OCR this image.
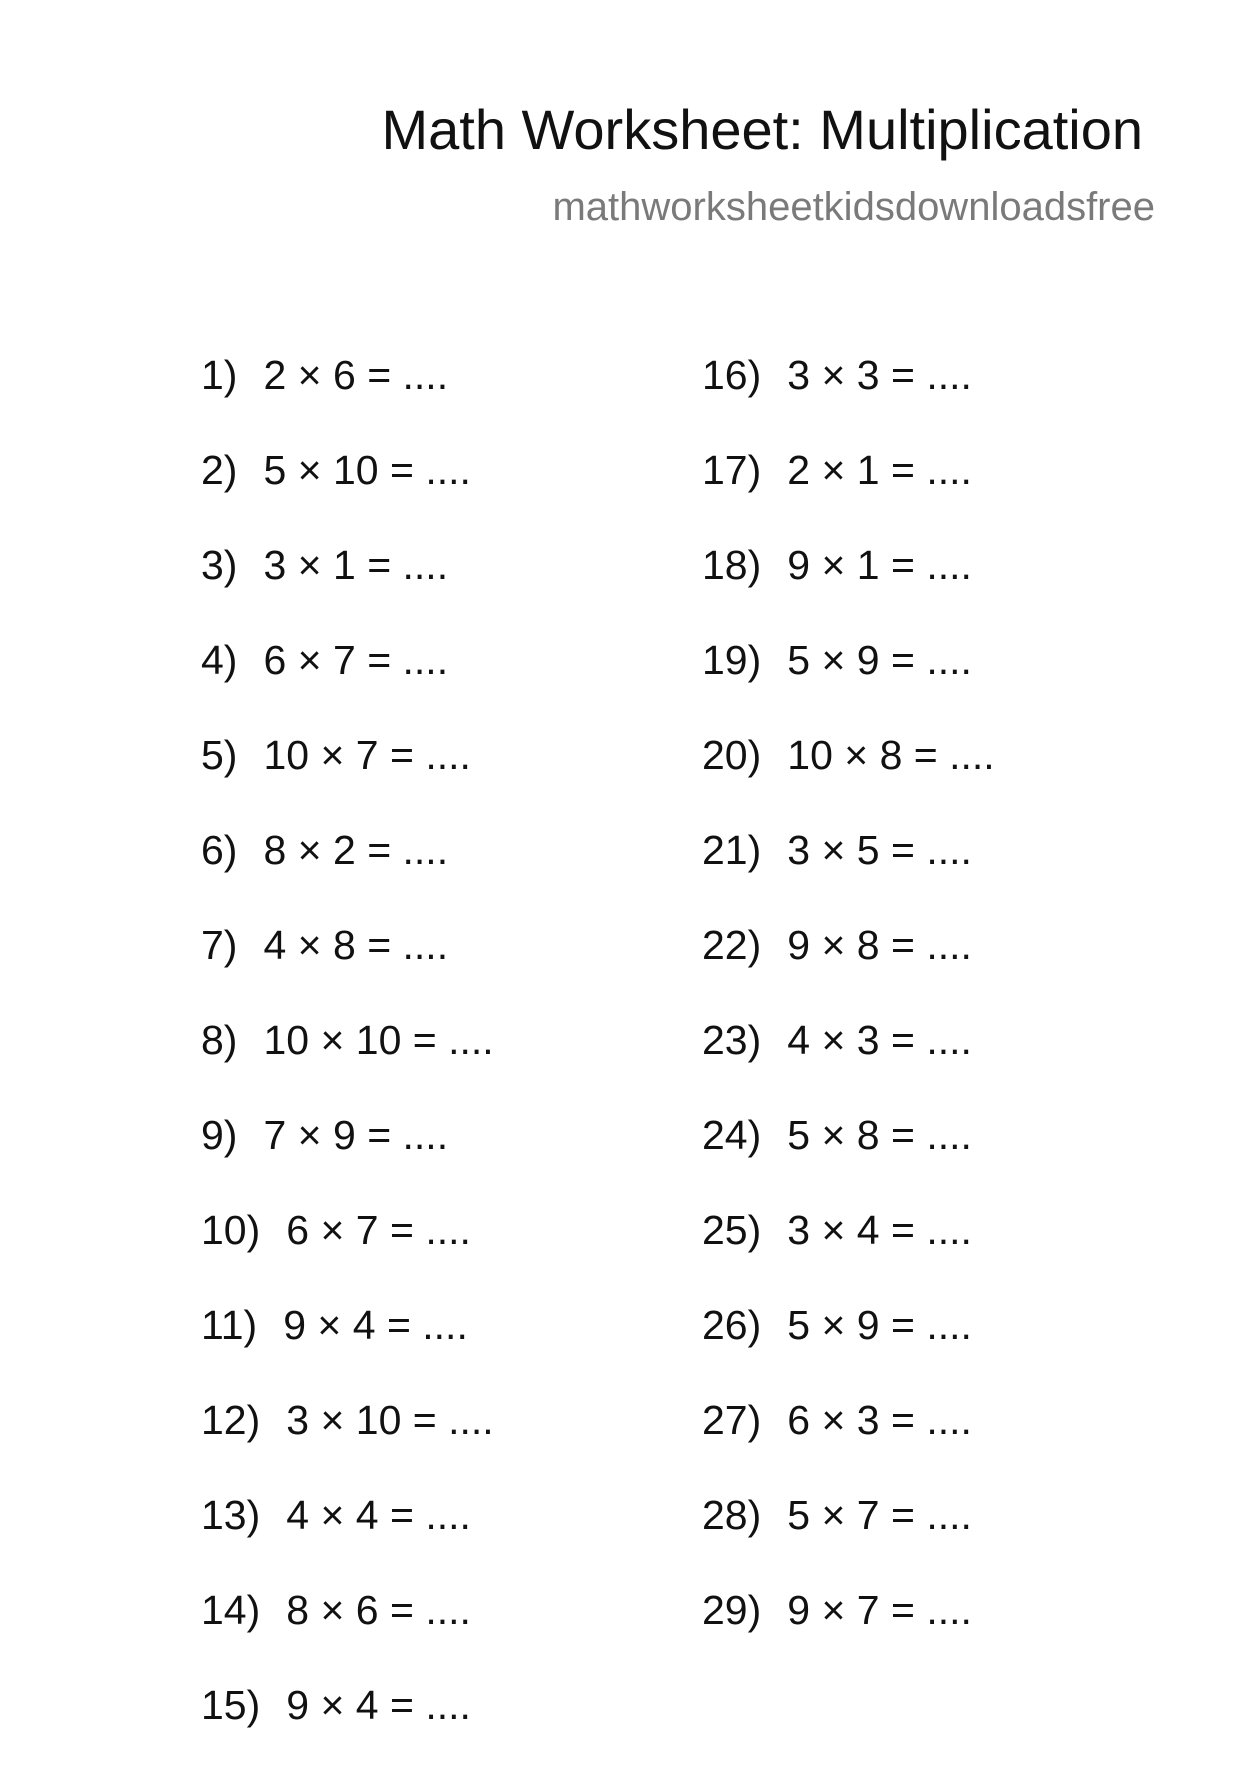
Math Worksheet: Multiplication
mathworksheetkidsdownloadsfree
1) 2 × 6 = ....
2) 5 × 10 = ....
3) 3 × 1 = ....
4) 6 × 7 = ....
5) 10 × 7 = ....
6) 8 × 2 = ....
7) 4 × 8 = ....
8) 10 × 10 = ....
9) 7 × 9 = ....
10) 6 × 7 = ....
11) 9 × 4 = ....
12) 3 × 10 = ....
13) 4 × 4 = ....
14) 8 × 6 = ....
15) 9 × 4 = ....
16) 3 × 3 = ....
17) 2 × 1 = ....
18) 9 × 1 = ....
19) 5 × 9 = ....
20) 10 × 8 = ....
21) 3 × 5 = ....
22) 9 × 8 = ....
23) 4 × 3 = ....
24) 5 × 8 = ....
25) 3 × 4 = ....
26) 5 × 9 = ....
27) 6 × 3 = ....
28) 5 × 7 = ....
29) 9 × 7 = ....
